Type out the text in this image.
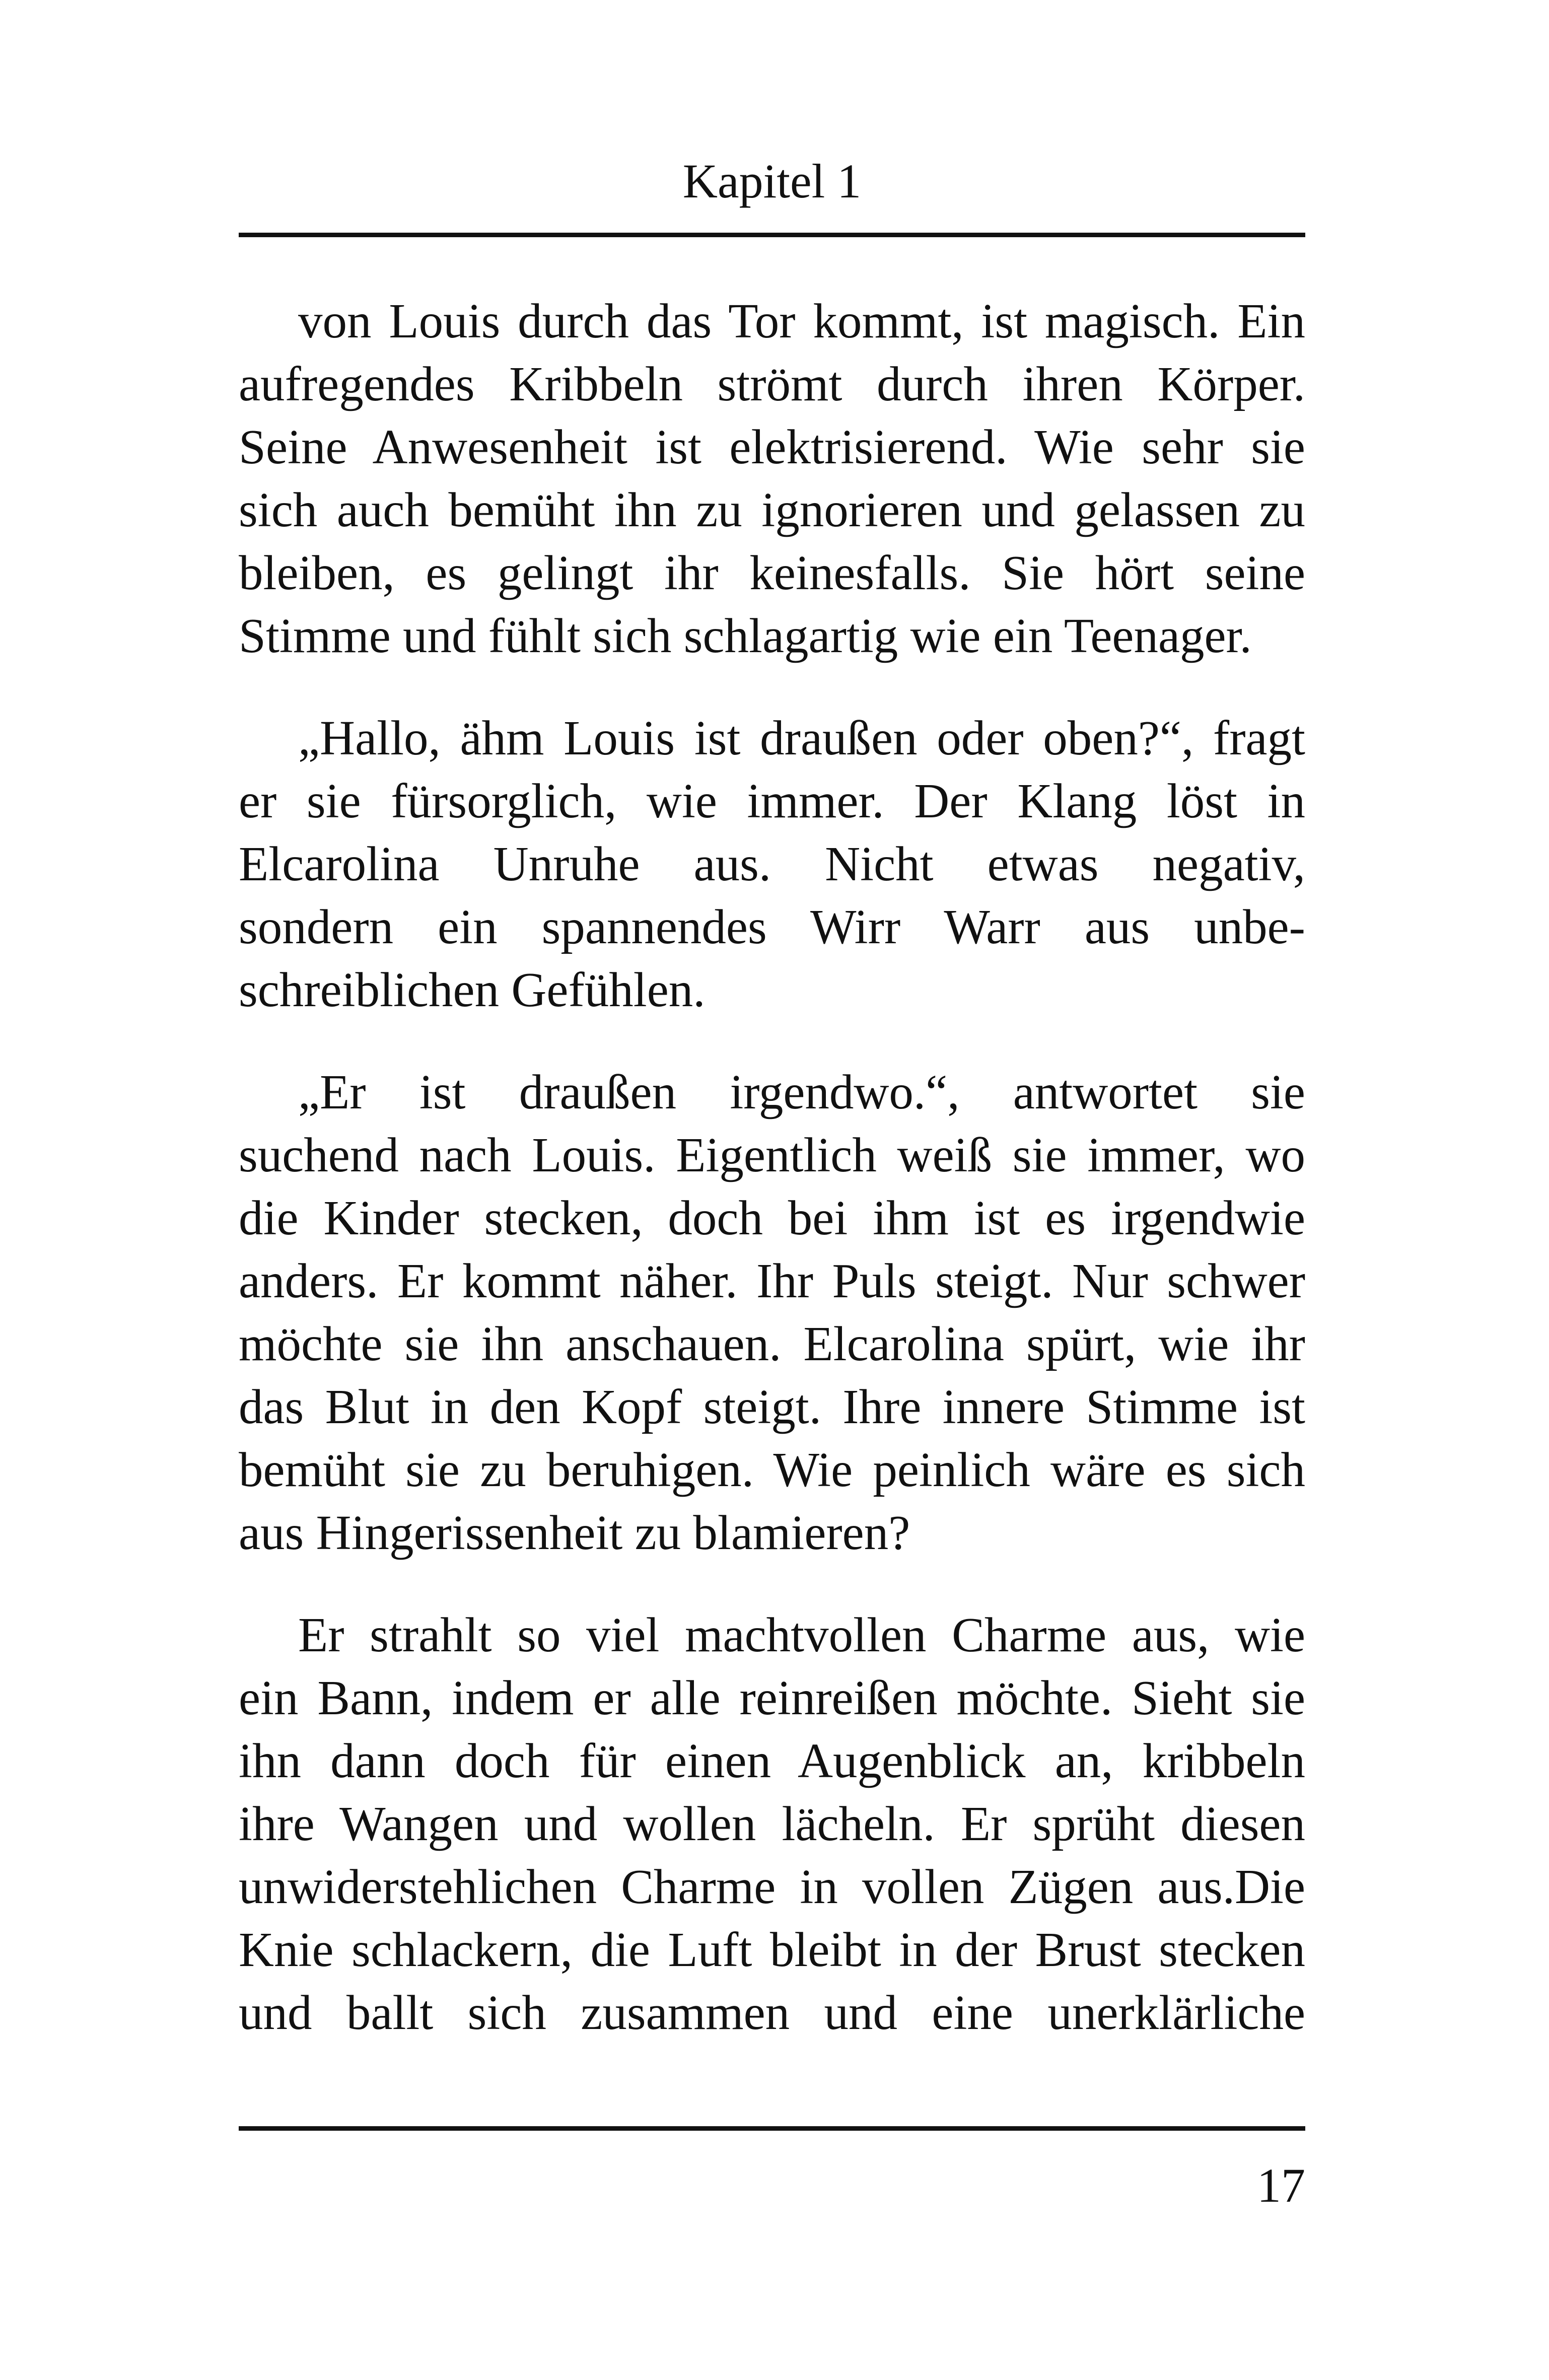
Kapitel 1
von Louis durch das Tor kommt, ist magisch. Ein
aufregendes Kribbeln strömt durch ihren Körper.
Seine Anwesenheit ist elektrisierend. Wie sehr sie
sich auch bemüht ihn zu ignorieren und gelassen zu
bleiben, es gelingt ihr keinesfalls. Sie hört seine
Stimme und fühlt sich schlagartig wie ein Teenager.
„Hallo, ähm Louis ist draußen oder oben?“, fragt
er sie fürsorglich, wie immer. Der Klang löst in
Elcarolina Unruhe aus. Nicht etwas negativ,
sondern ein spannendes Wirr Warr aus unbe-
schreiblichen Gefühlen.
„Er ist draußen irgendwo.“, antwortet sie
suchend nach Louis. Eigentlich weiß sie immer, wo
die Kinder stecken, doch bei ihm ist es irgendwie
anders. Er kommt näher. Ihr Puls steigt. Nur schwer
möchte sie ihn anschauen. Elcarolina spürt, wie ihr
das Blut in den Kopf steigt. Ihre innere Stimme ist
bemüht sie zu beruhigen. Wie peinlich wäre es sich
aus Hingerissenheit zu blamieren?
Er strahlt so viel machtvollen Charme aus, wie
ein Bann, indem er alle reinreißen möchte. Sieht sie
ihn dann doch für einen Augenblick an, kribbeln
ihre Wangen und wollen lächeln. Er sprüht diesen
unwiderstehlichen Charme in vollen Zügen aus.Die
Knie schlackern, die Luft bleibt in der Brust stecken
und ballt sich zusammen und eine unerklärliche
17
